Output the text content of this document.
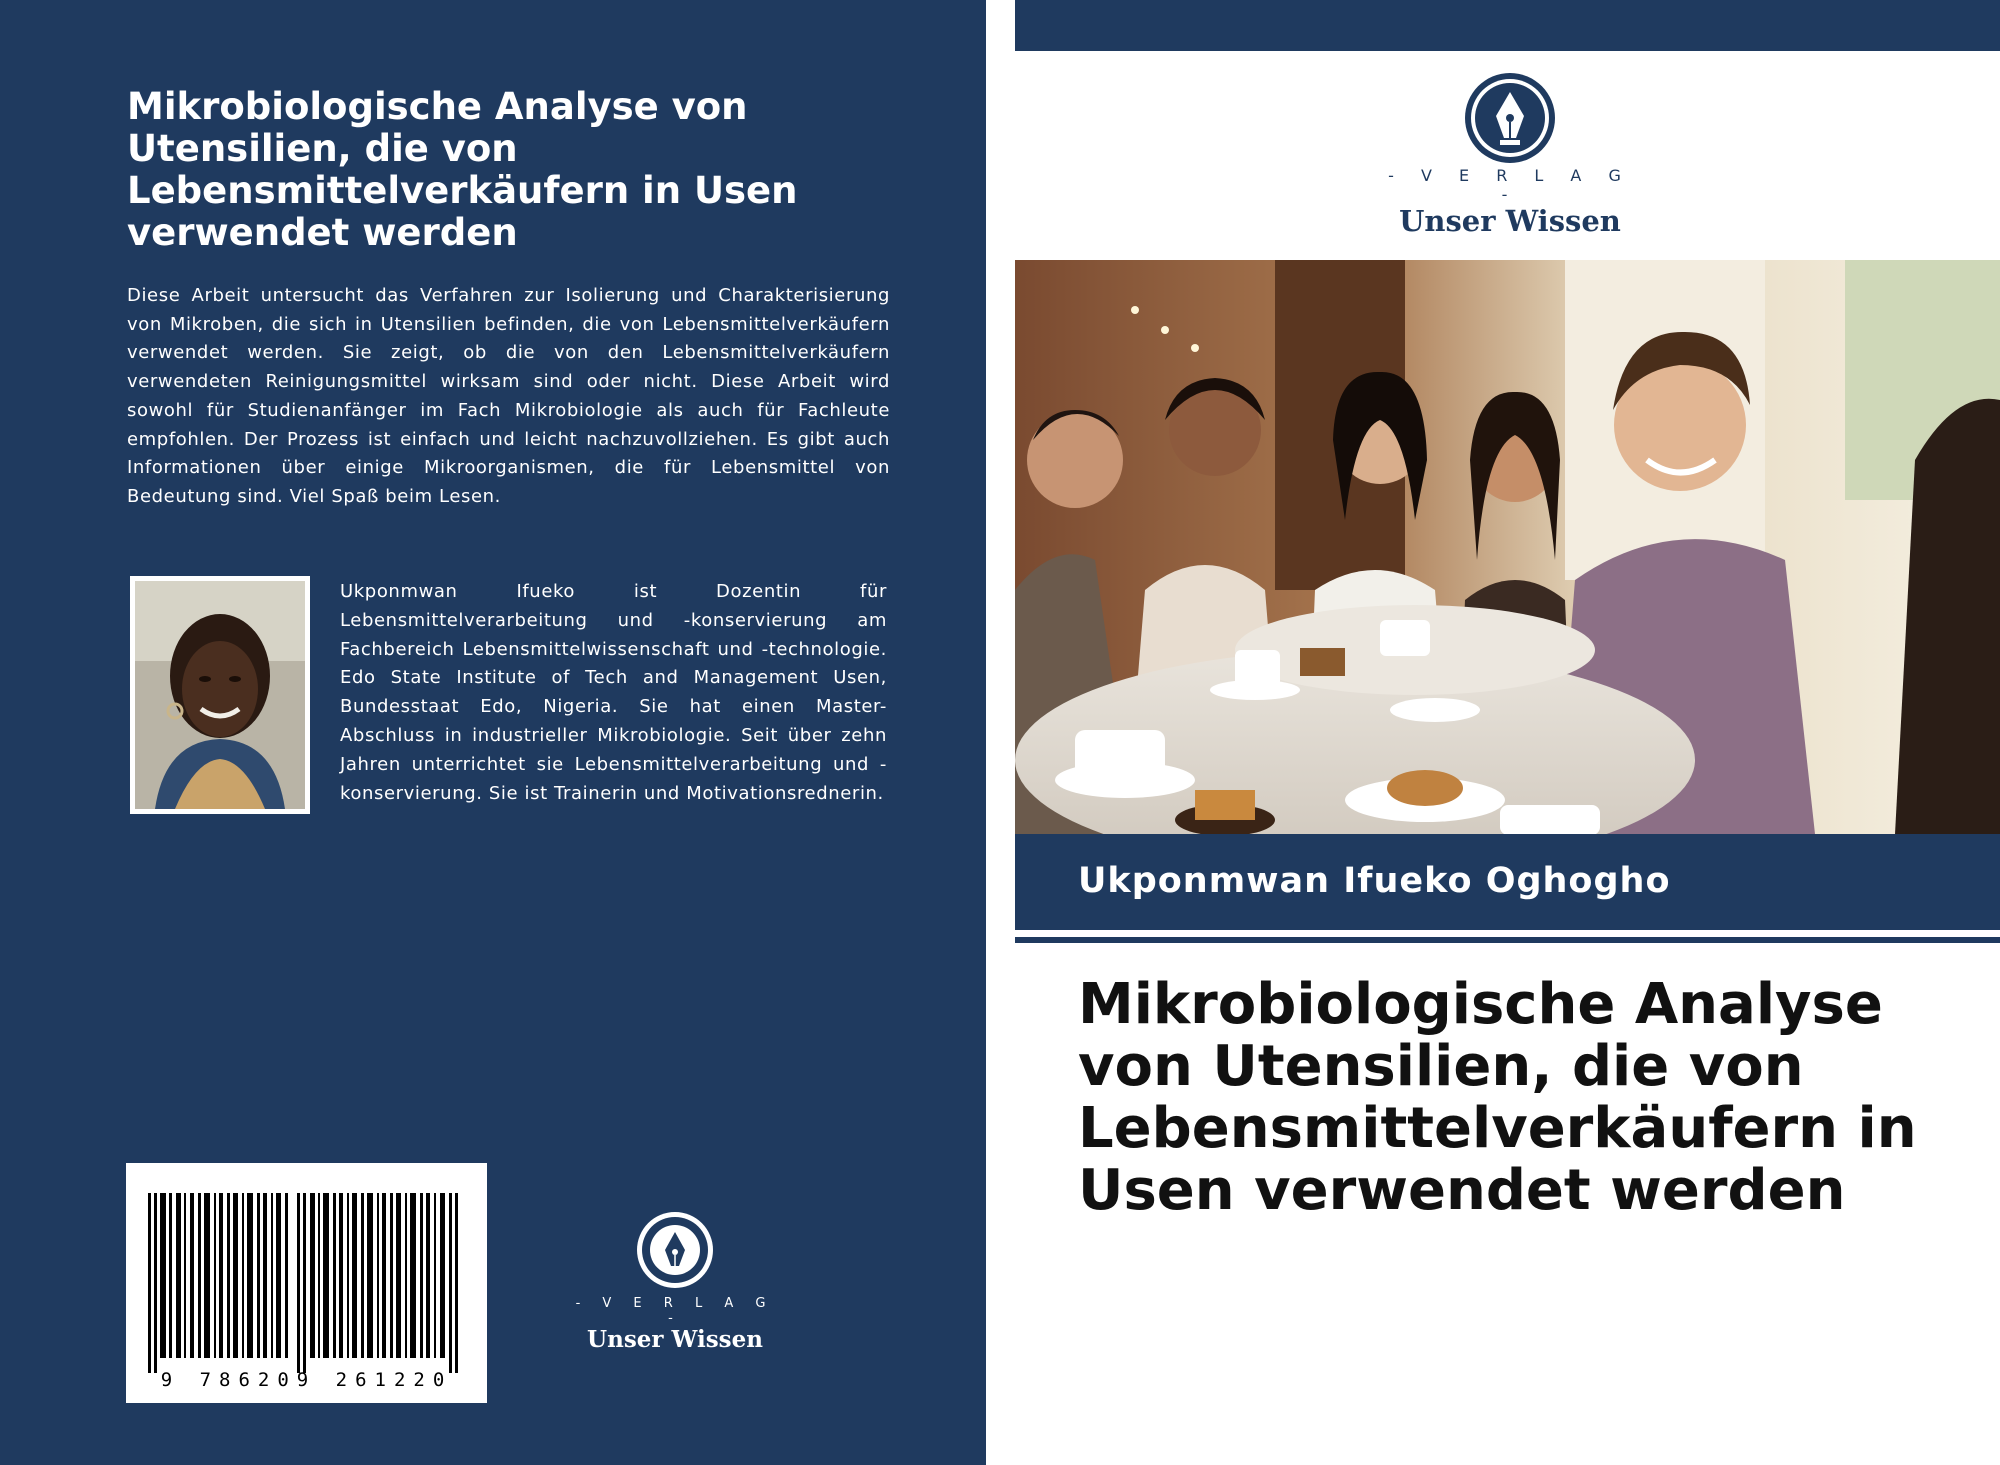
Mikrobiologische Analyse von Utensilien, die von Lebensmittelverkäufern in Usen verwendet werden

Diese Arbeit untersucht das Verfahren zur Isolierung und Charakterisierung von Mikroben, die sich in Utensilien befinden, die von Lebensmittelverkäufern verwendet werden. Sie zeigt, ob die von den Lebensmittelverkäufern verwendeten Reinigungsmittel wirksam sind oder nicht. Diese Arbeit wird sowohl für Studienanfänger im Fach Mikrobiologie als auch für Fachleute empfohlen. Der Prozess ist einfach und leicht nachzuvollziehen. Es gibt auch Informationen über einige Mikroorganismen, die für Lebensmittel von Bedeutung sind. Viel Spaß beim Lesen.

Ukponmwan Ifueko ist Dozentin für Lebensmittelverarbeitung und -konservierung am Fachbereich Lebensmittelwissenschaft und -technologie. Edo State Institute of Tech and Management Usen, Bundesstaat Edo, Nigeria. Sie hat einen Master-Abschluss in industrieller Mikrobiologie. Seit über zehn Jahren unterrichtet sie Lebensmittelverarbeitung und -konservierung. Sie ist Trainerin und Motivationsrednerin.

9 786209 261220
- V E R L A G -
Unser Wissen
- V E R L A G -
Unser Wissen
Ukponmwan Ifueko Oghogho
Mikrobiologische Analyse von Utensilien, die von Lebensmittelverkäufern in Usen verwendet werden
